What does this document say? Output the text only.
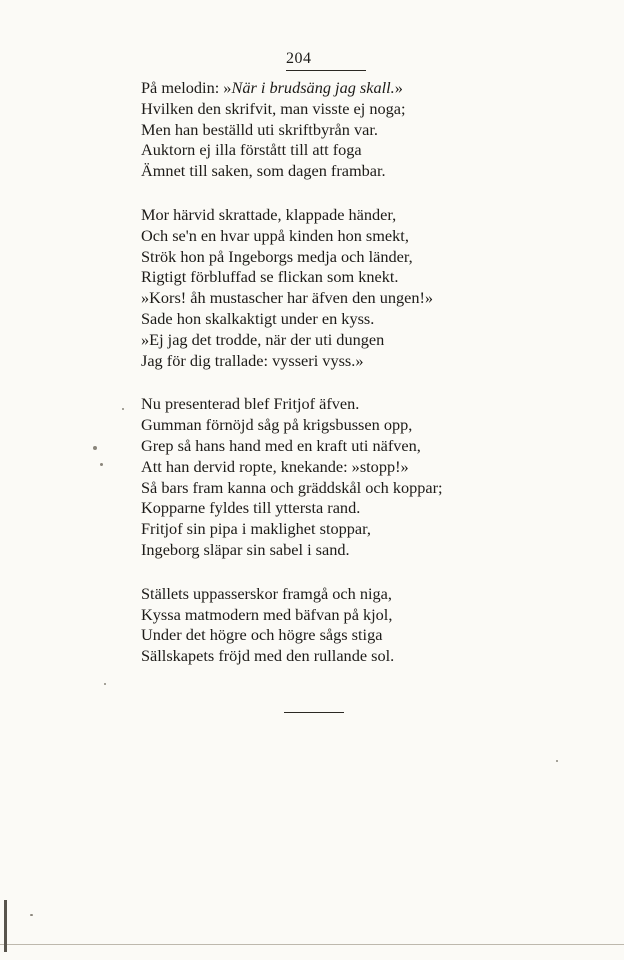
204
På melodin: »När i brudsäng jag skall.»
Hvilken den skrifvit, man visste ej noga;
Men han beställd uti skriftbyrån var.
Auktorn ej illa förstått till att foga
Ämnet till saken, som dagen frambar.
Mor härvid skrattade, klappade händer,
Och se'n en hvar uppå kinden hon smekt,
Strök hon på Ingeborgs medja och länder,
Rigtigt förbluffad se flickan som knekt.
»Kors! åh mustascher har äfven den ungen!»
Sade hon skalkaktigt under en kyss.
»Ej jag det trodde, när der uti dungen
Jag för dig trallade: vysseri vyss.»
Nu presenterad blef Fritjof äfven.
Gumman förnöjd såg på krigsbussen opp,
Grep så hans hand med en kraft uti näfven,
Att han dervid ropte, knekande: »stopp!»
Så bars fram kanna och gräddskål och koppar;
Kopparne fyldes till yttersta rand.
Fritjof sin pipa i maklighet stoppar,
Ingeborg släpar sin sabel i sand.
Ställets uppasserskor framgå och niga,
Kyssa matmodern med bäfvan på kjol,
Under det högre och högre sågs stiga
Sällskapets fröjd med den rullande sol.
